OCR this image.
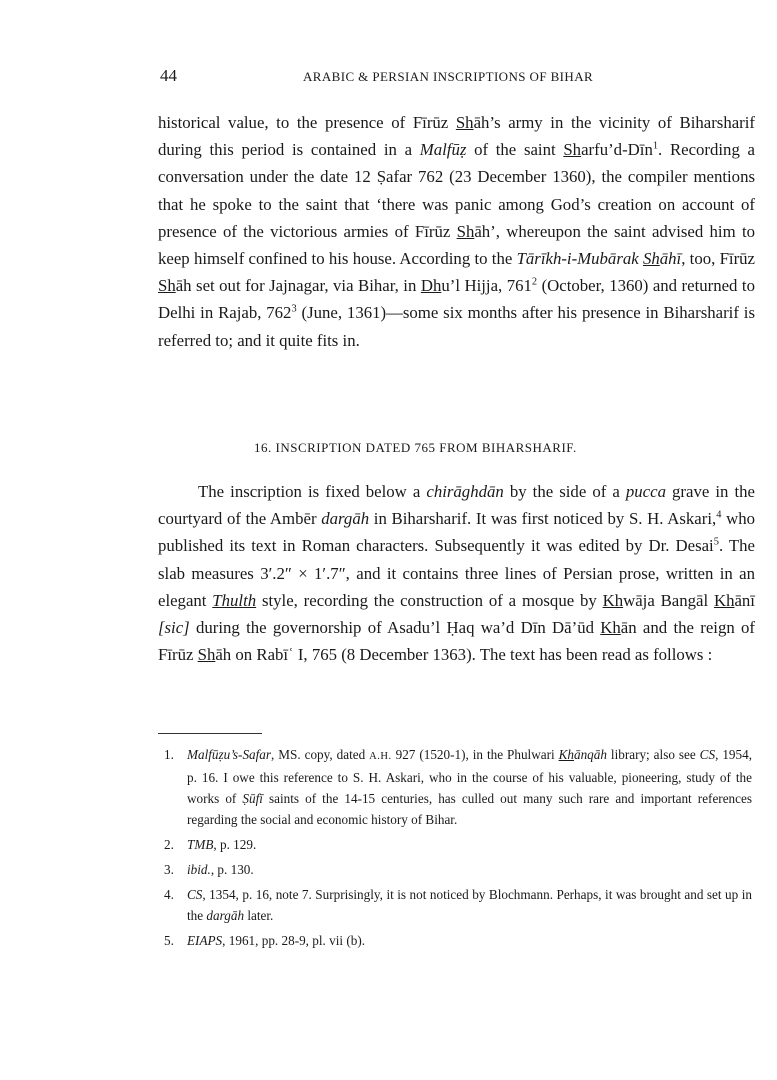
44	ARABIC & PERSIAN INSCRIPTIONS OF BIHAR

historical value, to the presence of Fīrūz Shāh’s army in the vicinity of Biharsharif during this period is contained in a Malfūẓ of the saint Sharfu’d-Dīn$^1$. Recording a conversation under the date 12 Ṣafar 762 (23 December 1360), the compiler mentions that he spoke to the saint that ‘there was panic among God’s creation on account of presence of the victorious armies of Fīrūz Shāh’, whereupon the saint advised him to keep himself confined to his house. According to the Tārīkh-i-Mubārak Shāhī, too, Fīrūz Shāh set out for Jajnagar, via Bihar, in Dhu’l Hijja, $761^2$ (October, 1360) and returned to Delhi in Rajab, $762^3$ (June, 1361)—some six months after his presence in Biharsharif is referred to; and it quite fits in.

16. INSCRIPTION DATED 765 FROM BIHARSHARIF.

The inscription is fixed below a chirāghdān by the side of a pucca grave in the courtyard of the Ambēr dargāh in Biharsharif. It was first noticed by S. H. Askari,$^4$ who published its text in Roman characters. Subsequently it was edited by Dr. Desai$^5$. The slab measures 3′.2″ × 1′.7″, and it contains three lines of Persian prose, written in an elegant Thulth style, recording the construction of a mosque by Khwāja Bangāl Khānī [sic] during the governorship of Asadu’l Ḥaq wa’d Dīn Dā’ūd Khān and the reign of Fīrūz Shāh on Rabīʿ I, 765 (8 December 1363). The text has been read as follows :

1. Malfūẓu’s-Safar, MS. copy, dated A.H. 927 (1520-1), in the Phulwari Khānqāh library; also see CS, 1954, p. 16. I owe this reference to S. H. Askari, who in the course of his valuable, pioneering, study of the works of Ṣūfī saints of the 14-15 centuries, has culled out many such rare and important references regarding the social and economic history of Bihar.
2. TMB, p. 129.
3. ibid., p. 130.
4. CS, 1354, p. 16, note 7. Surprisingly, it is not noticed by Blochmann. Perhaps, it was brought and set up in the dargāh later.
5. EIAPS, 1961, pp. 28-9, pl. vii (b).
